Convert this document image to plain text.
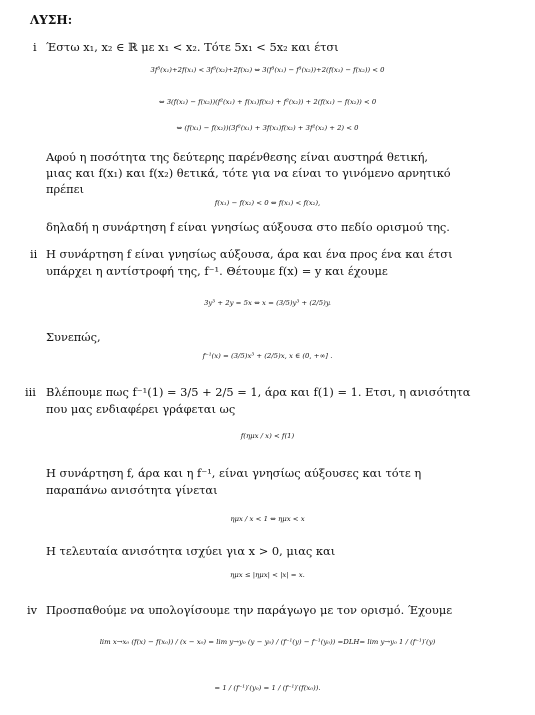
ΛΥΣΗ:
i Έστω x₁, x₂ ∈ ℝ με x₁ < x₂. Τότε 5x₁ < 5x₂ και έτσι
3f³(x₁)+2f(x₁) < 3f³(x₂)+2f(x₂) ⇔ 3(f³(x₁) − f³(x₂))+2(f(x₁) − f(x₂)) < 0
⇔ 3(f(x₁) − f(x₂))(f²(x₁) + f(x₁)f(x₂) + f²(x₂)) + 2(f(x₁) − f(x₂)) < 0
⇔ (f(x₁) − f(x₂))(3f²(x₁) + 3f(x₁)f(x₂) + 3f²(x₂) + 2) < 0
Αφού η ποσότητα της δεύτερης παρένθεσης είναι αυστηρά θετική,
μιας και f(x₁) και f(x₂) θετικά, τότε για να είναι το γινόμενο αρνητικό
πρέπει
f(x₁) − f(x₂) < 0 ⇔ f(x₁) < f(x₂),
δηλαδή η συνάρτηση f είναι γνησίως αύξουσα στο πεδίο ορισμού της.
ii Η συνάρτηση f είναι γνησίως αύξουσα, άρα και ένα προς ένα και έτσι
υπάρχει η αντίστροφή της, f⁻¹. Θέτουμε f(x) = y και έχουμε
3y³ + 2y = 5x ⇔ x = (3/5)y³ + (2/5)y.
Συνεπώς,
f⁻¹(x) = (3/5)x³ + (2/5)x, x ∈ (0, +∞] .
iii Βλέπουμε πως f⁻¹(1) = 3/5 + 2/5 = 1, άρα και f(1) = 1. Ετσι, η ανισότητα
που μας ενδιαφέρει γράφεται ως
f(ημx / x) < f(1)
Η συνάρτηση f, άρα και η f⁻¹, είναι γνησίως αύξουσες και τότε η
παραπάνω ανισότητα γίνεται
ημx / x < 1 ⇔ ημx < x
Η τελευταία ανισότητα ισχύει για x > 0, μιας και
ημx ≤ |ημx| < |x| = x.
iv Προσπαθούμε να υπολογίσουμε την παράγωγο με τον ορισμό. Έχουμε
lim x→x₀ (f(x) − f(x₀)) / (x − x₀) = lim y→y₀ (y − y₀) / (f⁻¹(y) − f⁻¹(y₀)) =DLH= lim y→y₀ 1 / (f⁻¹)′(y)
= 1 / (f⁻¹)′(y₀) = 1 / (f⁻¹)′(f(x₀)).
